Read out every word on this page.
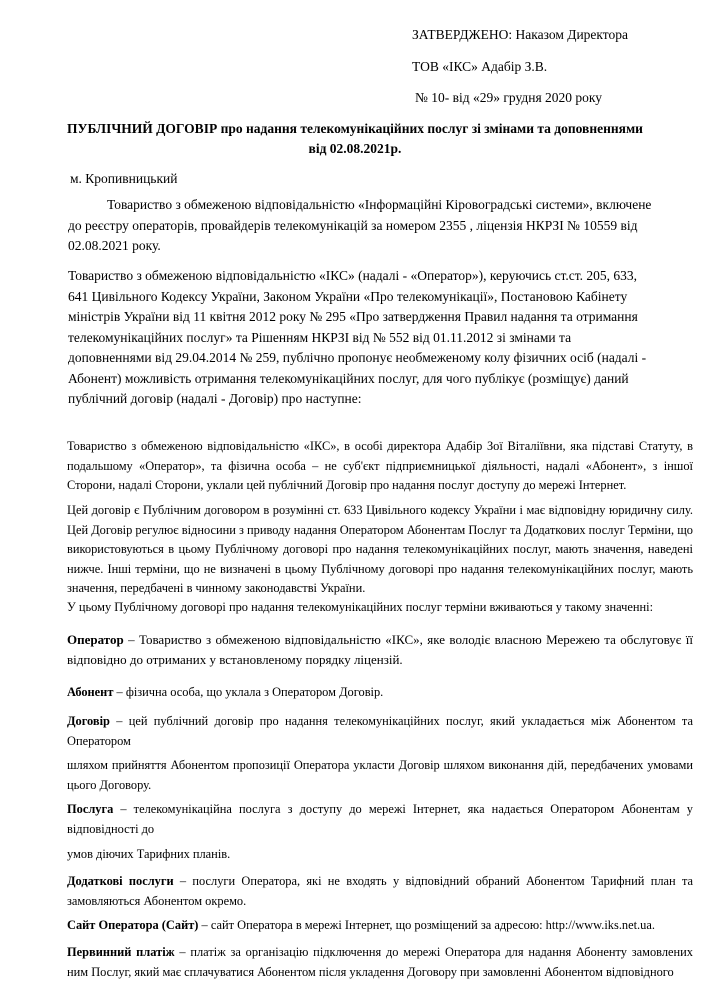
ЗАТВЕРДЖЕНО: Наказом Директора
ТОВ «ІКС» Адабір З.В.
№ 10- від «29» грудня 2020 року
ПУБЛІЧНИЙ ДОГОВІР про надання телекомунікаційних послуг зі змінами та доповненнями від 02.08.2021р.
м. Кропивницький
Товариство з обмеженою відповідальністю «Інформаційні Кіровоградські системи», включене до реєстру операторів, провайдерів телекомунікацій за номером 2355 , ліцензія НКРЗІ № 10559 від 02.08.2021 року.
Товариство з обмеженою відповідальністю «ІКС» (надалі - «Оператор»), керуючись ст.ст. 205, 633, 641 Цивільного Кодексу України, Законом України «Про телекомунікації», Постановою Кабінету міністрів України від 11 квітня 2012 року № 295 «Про затвердження Правил надання та отримання телекомунікаційних послуг» та Рішенням НКРЗІ від № 552 від 01.11.2012 зі змінами та доповненнями від 29.04.2014 № 259, публічно пропонує необмеженому колу фізичних осіб (надалі - Абонент) можливість отримання телекомунікаційних послуг, для чого публікує (розміщує) даний публічний договір (надалі - Договір) про наступне:
Товариство з обмеженою відповідальністю «ІКС», в особі директора Адабір Зої Віталіївни, яка підставі Статуту, в подальшому «Оператор», та фізична особа – не суб'єкт підприємницької діяльності, надалі «Абонент», з іншої Сторони, надалі Сторони, уклали цей публічний Договір про надання послуг доступу до мережі Інтернет.
Цей договір є Публічним договором в розумінні ст. 633 Цивільного кодексу України і має відповідну юридичну силу. Цей Договір регулює відносини з приводу надання Оператором Абонентам Послуг та Додаткових послуг Терміни, що використовуються в цьому Публічному договорі про надання телекомунікаційних послуг, мають значення, наведені нижче. Інші терміни, що не визначені в цьому Публічному договорі про надання телекомунікаційних послуг, мають значення, передбачені в чинному законодавстві України.
У цьому Публічному договорі про надання телекомунікаційних послуг терміни вживаються у такому значенні:
Оператор – Товариство з обмеженою відповідальністю «ІКС», яке володіє власною Мережею та обслуговує її відповідно до отриманих у встановленому порядку ліцензій.
Абонент – фізична особа, що уклала з Оператором Договір.
Договір – цей публічний договір про надання телекомунікаційних послуг, який укладається між Абонентом та Оператором
шляхом прийняття Абонентом пропозиції Оператора укласти Договір шляхом виконання дій, передбачених умовами цього Договору.
Послуга – телекомунікаційна послуга з доступу до мережі Інтернет, яка надається Оператором Абонентам у відповідності до
умов діючих Тарифних планів.
Додаткові послуги – послуги Оператора, які не входять у відповідний обраний Абонентом Тарифний план та замовляються Абонентом окремо.
Сайт Оператора (Сайт) – сайт Оператора в мережі Інтернет, що розміщений за адресою: http://www.iks.net.ua.
Первинний платіж – платіж за організацію підключення до мережі Оператора для надання Абоненту замовлених ним Послуг, який має сплачуватися Абонентом після укладення Договору при замовленні Абонентом відповідного
